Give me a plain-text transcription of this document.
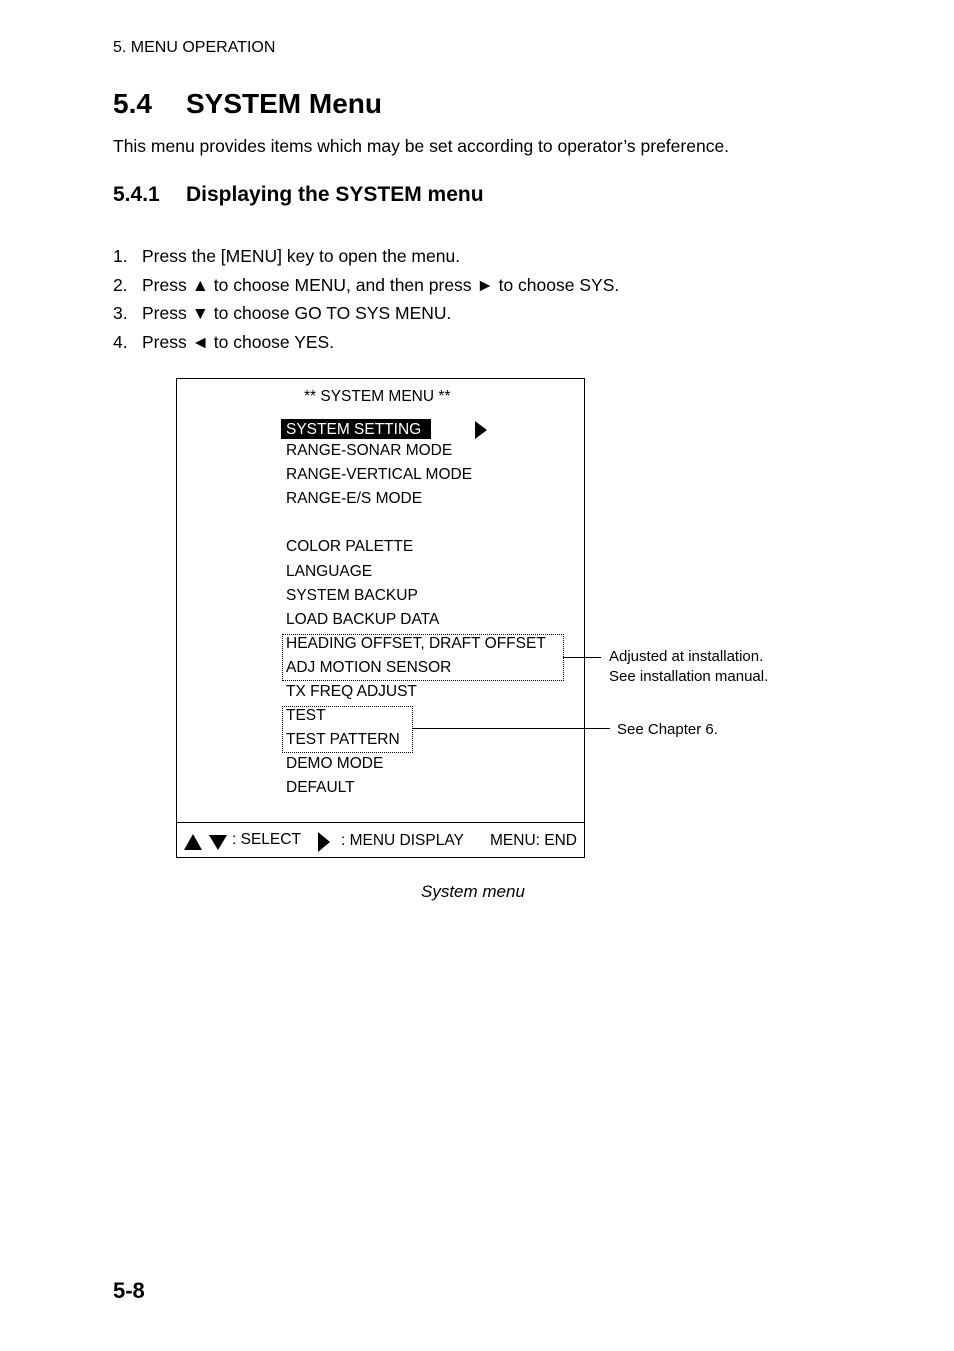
5. MENU OPERATION
5.4 SYSTEM Menu
This menu provides items which may be set according to operator’s preference.
5.4.1 Displaying the SYSTEM menu
1. Press the [MENU] key to open the menu.
2. Press ▲ to choose MENU, and then press ► to choose SYS.
3. Press ▼ to choose GO TO SYS MENU.
4. Press ◄ to choose YES.
** SYSTEM MENU **
SYSTEM SETTING
RANGE-SONAR MODE
RANGE-VERTICAL MODE
RANGE-E/S MODE
COLOR PALETTE
LANGUAGE
SYSTEM BACKUP
LOAD BACKUP DATA
HEADING OFFSET, DRAFT OFFSET
ADJ MOTION SENSOR
TX FREQ ADJUST
TEST
TEST PATTERN
DEMO MODE
DEFAULT
Adjusted at installation.
See installation manual.
See Chapter 6.
: SELECT	: MENU DISPLAY MENU: END
System menu
5-8
